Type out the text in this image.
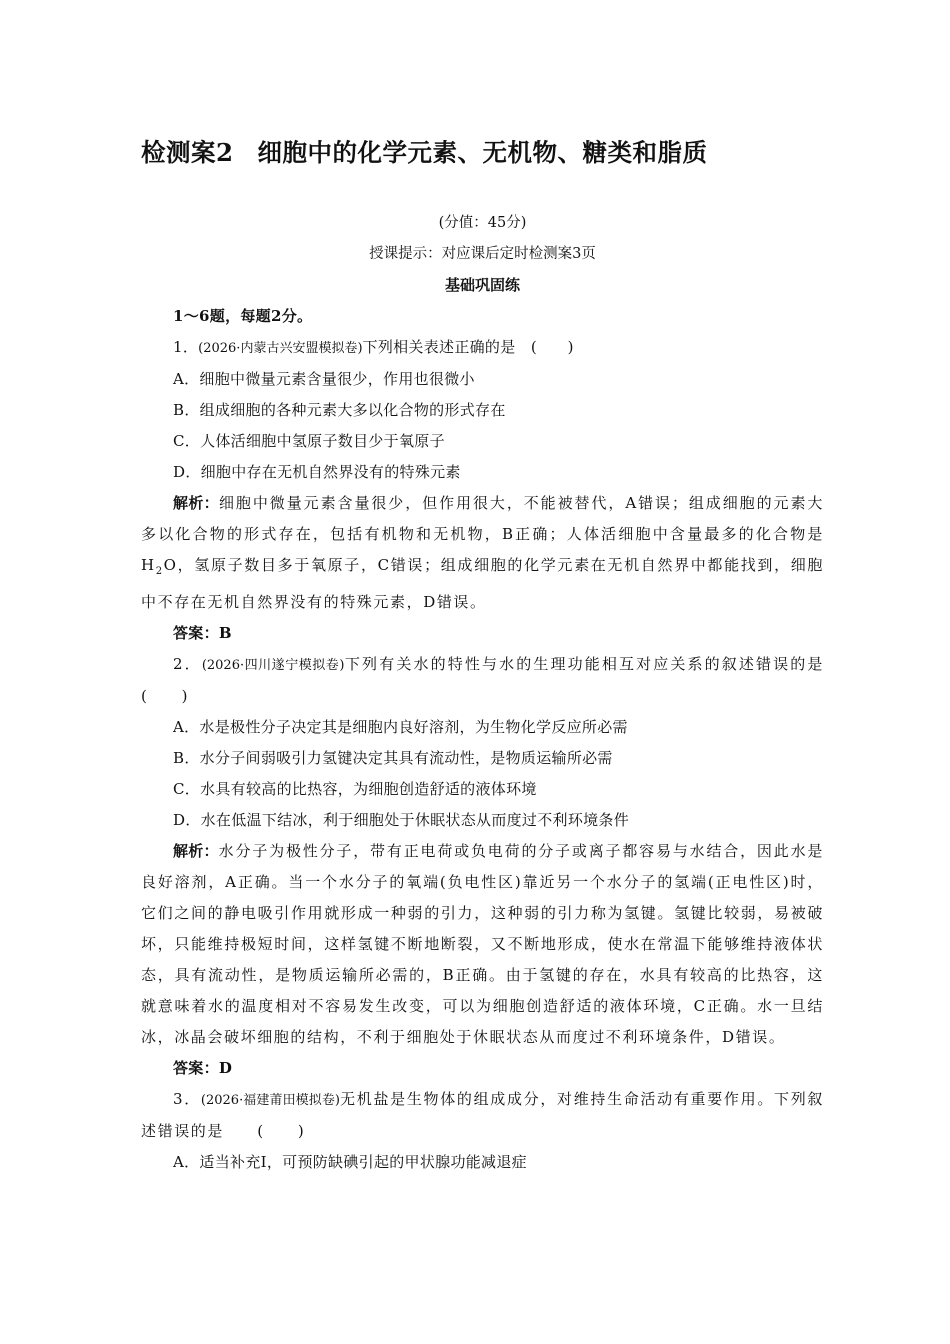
检测案2 细胞中的化学元素、无机物、糖类和脂质
(分值：45分)
授课提示：对应课后定时检测案3页
基础巩固练
1～6题，每题2分。
1．(2026·内蒙古兴安盟模拟卷)下列相关表述正确的是　(　　)
A．细胞中微量元素含量很少，作用也很微小
B．组成细胞的各种元素大多以化合物的形式存在
C．人体活细胞中氢原子数目少于氧原子
D．细胞中存在无机自然界没有的特殊元素

解析：细胞中微量元素含量很少，但作用很大，不能被替代，A错误；组成细胞的元素大多以化合物的形式存在，包括有机物和无机物，B正确；人体活细胞中含量最多的化合物是$H_2O$，氢原子数目多于氧原子，C错误；组成细胞的化学元素在无机自然界中都能找到，细胞中不存在无机自然界没有的特殊元素，D错误。

答案：B

2．(2026·四川遂宁模拟卷)下列有关水的特性与水的生理功能相互对应关系的叙述错误的是　　(　　)

A．水是极性分子决定其是细胞内良好溶剂，为生物化学反应所必需
B．水分子间弱吸引力氢键决定其具有流动性，是物质运输所必需
C．水具有较高的比热容，为细胞创造舒适的液体环境
D．水在低温下结冰，利于细胞处于休眠状态从而度过不利环境条件

解析：水分子为极性分子，带有正电荷或负电荷的分子或离子都容易与水结合，因此水是良好溶剂，A正确。当一个水分子的氧端(负电性区)靠近另一个水分子的氢端(正电性区)时，它们之间的静电吸引作用就形成一种弱的引力，这种弱的引力称为氢键。氢键比较弱，易被破坏，只能维持极短时间，这样氢键不断地断裂，又不断地形成，使水在常温下能够维持液体状态，具有流动性，是物质运输所必需的，B正确。由于氢键的存在，水具有较高的比热容，这就意味着水的温度相对不容易发生改变，可以为细胞创造舒适的液体环境，C正确。水一旦结冰，冰晶会破坏细胞的结构，不利于细胞处于休眠状态从而度过不利环境条件，D错误。

答案：D

3．(2026·福建莆田模拟卷)无机盐是生物体的组成成分，对维持生命活动有重要作用。下列叙述错误的是　　(　　)

A．适当补充I，可预防缺碘引起的甲状腺功能减退症
